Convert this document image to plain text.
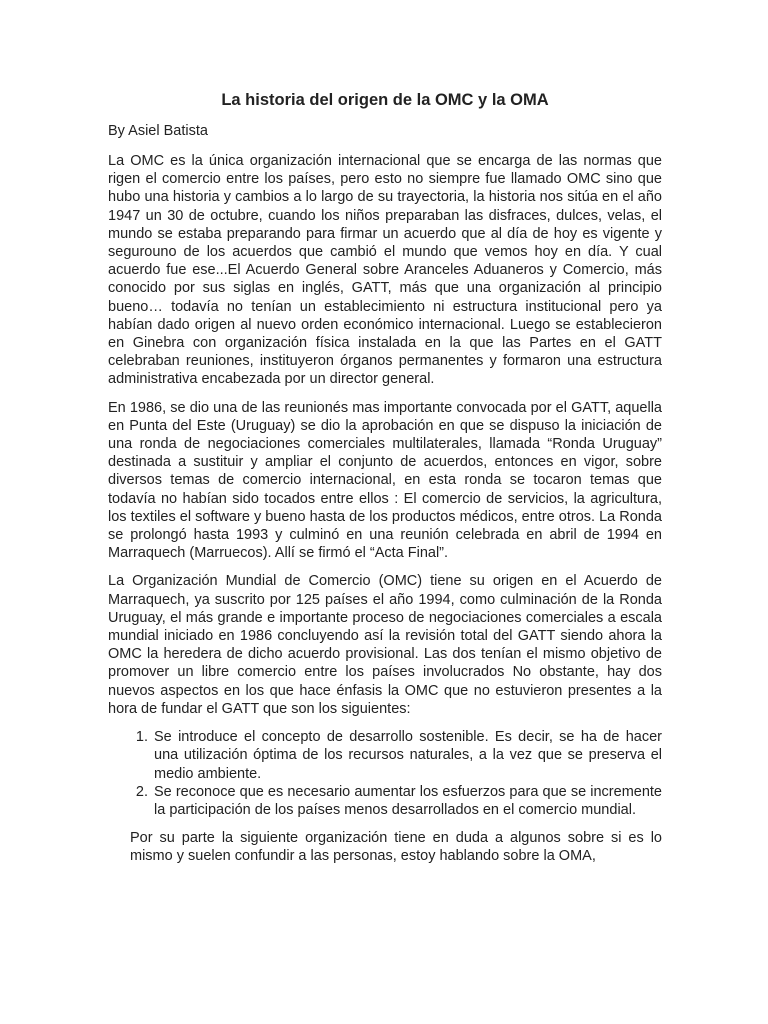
La historia del origen de la OMC y la OMA

By Asiel Batista

La OMC es la única organización internacional que se encarga de las normas que rigen el comercio entre los países, pero esto no siempre fue llamado OMC sino que hubo una historia y cambios a lo largo de su trayectoria, la historia nos sitúa en el año 1947 un 30 de octubre, cuando los niños preparaban las disfraces, dulces, velas, el mundo se estaba preparando para firmar un acuerdo que al día de hoy es vigente y segurouno de los acuerdos que cambió el mundo que vemos hoy en día. Y cual acuerdo fue ese...El Acuerdo General sobre Aranceles Aduaneros y Comercio, más conocido por sus siglas en inglés, GATT, más que una organización al principio bueno… todavía no tenían un establecimiento ni estructura institucional pero ya habían dado origen al nuevo orden económico internacional. Luego se establecieron en Ginebra con organización física instalada en la que las Partes en el GATT celebraban reuniones, instituyeron órganos permanentes y formaron una estructura administrativa encabezada por un director general.

En 1986, se dio una de las reunionés mas importante convocada por el GATT, aquella en Punta del Este (Uruguay) se dio la aprobación en que se dispuso la iniciación de una ronda de negociaciones comerciales multilaterales, llamada “Ronda Uruguay” destinada a sustituir y ampliar el conjunto de acuerdos, entonces en vigor, sobre diversos temas de comercio internacional, en esta ronda se tocaron temas que todavía no habían sido tocados entre ellos : El comercio de servicios, la agricultura, los textiles el software y bueno hasta de los productos médicos, entre otros. La Ronda se prolongó hasta 1993 y culminó en una reunión celebrada en abril de 1994 en Marraquech (Marruecos). Allí se firmó el “Acta Final”.

La Organización Mundial de Comercio (OMC) tiene su origen en el Acuerdo de Marraquech, ya suscrito por 125 países el año 1994, como culminación de la Ronda Uruguay, el más grande e importante proceso de negociaciones comerciales a escala mundial iniciado en 1986 concluyendo así la revisión total del GATT siendo ahora la OMC la heredera de dicho acuerdo provisional. Las dos tenían el mismo objetivo de promover un libre comercio entre los países involucrados No obstante, hay dos nuevos aspectos en los que hace énfasis la OMC que no estuvieron presentes a la hora de fundar el GATT que son los siguientes:

1. Se introduce el concepto de desarrollo sostenible. Es decir, se ha de hacer una utilización óptima de los recursos naturales, a la vez que se preserva el medio ambiente.
2. Se reconoce que es necesario aumentar los esfuerzos para que se incremente la participación de los países menos desarrollados en el comercio mundial.

Por su parte la siguiente organización tiene en duda a algunos sobre si es lo mismo y suelen confundir a las personas, estoy hablando sobre la OMA,
